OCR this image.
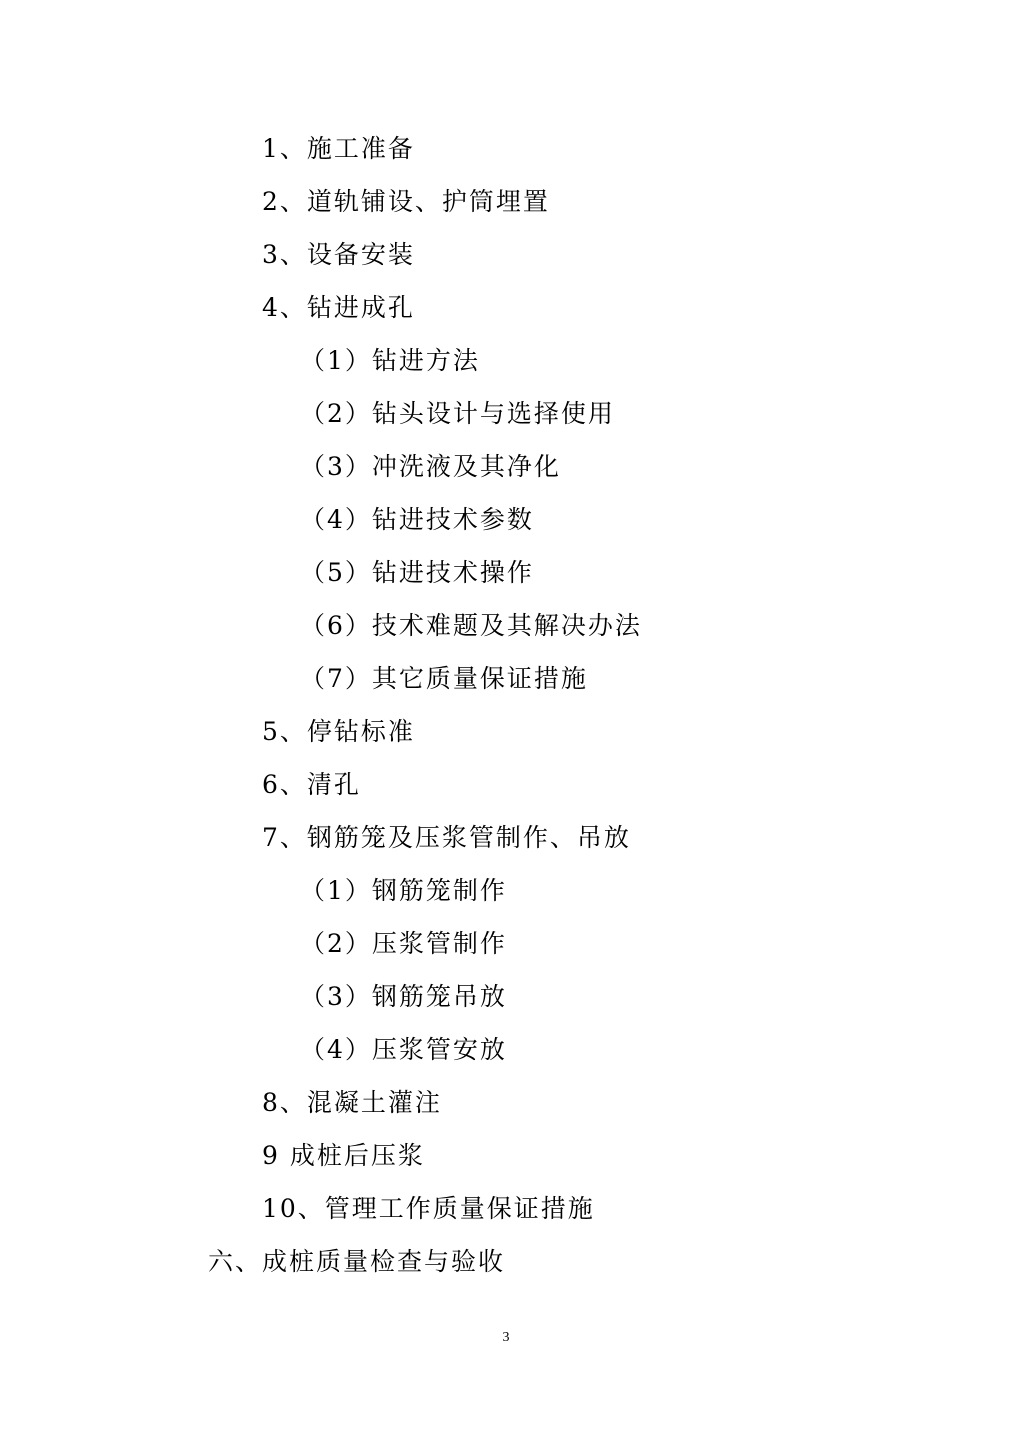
1、施工准备
2、道轨铺设、护筒埋置
3、设备安装
4、钻进成孔
（1）钻进方法
（2）钻头设计与选择使用
（3）冲洗液及其净化
（4）钻进技术参数
（5）钻进技术操作
（6）技术难题及其解决办法
（7）其它质量保证措施
5、停钻标准
6、清孔
7、钢筋笼及压浆管制作、吊放
（1）钢筋笼制作
（2）压浆管制作
（3）钢筋笼吊放
（4）压浆管安放
8、混凝土灌注
9 成桩后压浆
10、管理工作质量保证措施
六、成桩质量检查与验收
3
